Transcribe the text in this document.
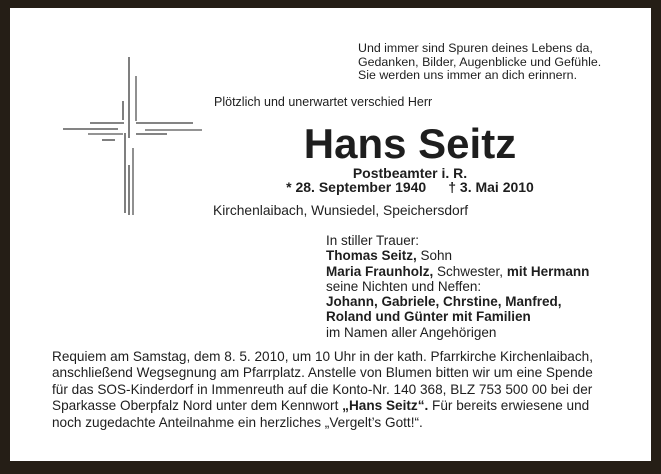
Und immer sind Spuren deines Lebens da,
Gedanken, Bilder, Augenblicke und Gefühle.
Sie werden uns immer an dich erinnern.
Plötzlich und unerwartet verschied Herr
Hans Seitz
Postbeamter i. R.
* 28. September 1940 † 3. Mai 2010
Kirchenlaibach, Wunsiedel, Speichersdorf
In stiller Trauer:
Thomas Seitz, Sohn
Maria Fraunholz, Schwester, mit Hermann
seine Nichten und Neffen:
Johann, Gabriele, Chrstine, Manfred,
Roland und Günter mit Familien
im Namen aller Angehörigen
Requiem am Samstag, dem 8. 5. 2010, um 10 Uhr in der kath. Pfarrkirche Kirchenlaibach,
anschließend Wegsegnung am Pfarrplatz. Anstelle von Blumen bitten wir um eine Spende
für das SOS-Kinderdorf in Immenreuth auf die Konto-Nr. 140 368, BLZ 753 500 00 bei der
Sparkasse Oberpfalz Nord unter dem Kennwort „Hans Seitz“. Für bereits erwiesene und
noch zugedachte Anteilnahme ein herzliches „Vergelt’s Gott!“.
